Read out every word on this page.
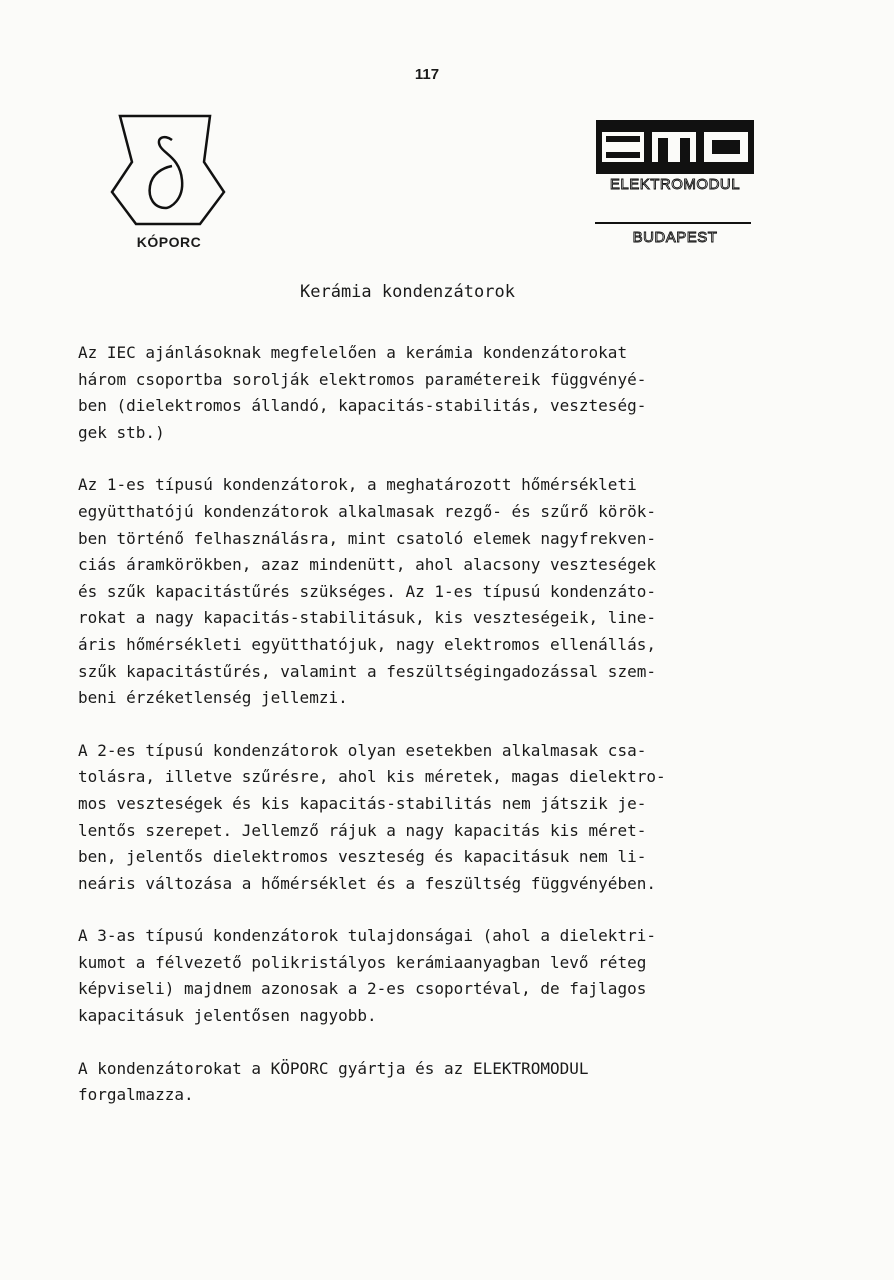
117
KÓPORC
ELEKTROMODUL
BUDAPEST
Kerámia kondenzátorok

Az IEC ajánlásoknak megfelelően a kerámia kondenzátorokat
három csoportba sorolják elektromos paramétereik függvényé-
ben (dielektromos állandó, kapacitás-stabilitás, veszteség-
gek stb.)

Az 1-es típusú kondenzátorok, a meghatározott hőmérsékleti
együtthatójú kondenzátorok alkalmasak rezgő- és szűrő körök-
ben történő felhasználásra, mint csatoló elemek nagyfrekven-
ciás áramkörökben, azaz mindenütt, ahol alacsony veszteségek
és szűk kapacitástűrés szükséges. Az 1-es típusú kondenzáto-
rokat a nagy kapacitás-stabilitásuk, kis veszteségeik, line-
áris hőmérsékleti együtthatójuk, nagy elektromos ellenállás,
szűk kapacitástűrés, valamint a feszültségingadozással szem-
beni érzéketlenség jellemzi.

A 2-es típusú kondenzátorok olyan esetekben alkalmasak csa-
tolásra, illetve szűrésre, ahol kis méretek, magas dielektro-
mos veszteségek és kis kapacitás-stabilitás nem játszik je-
lentős szerepet. Jellemző rájuk a nagy kapacitás kis méret-
ben, jelentős dielektromos veszteség és kapacitásuk nem li-
neáris változása a hőmérséklet és a feszültség függvényében.

A 3-as típusú kondenzátorok tulajdonságai (ahol a dielektri-
kumot a félvezető polikristályos kerámiaanyagban levő réteg
képviseli) majdnem azonosak a 2-es csoportéval, de fajlagos
kapacitásuk jelentősen nagyobb.

A kondenzátorokat a KÖPORC gyártja és az ELEKTROMODUL
forgalmazza.
